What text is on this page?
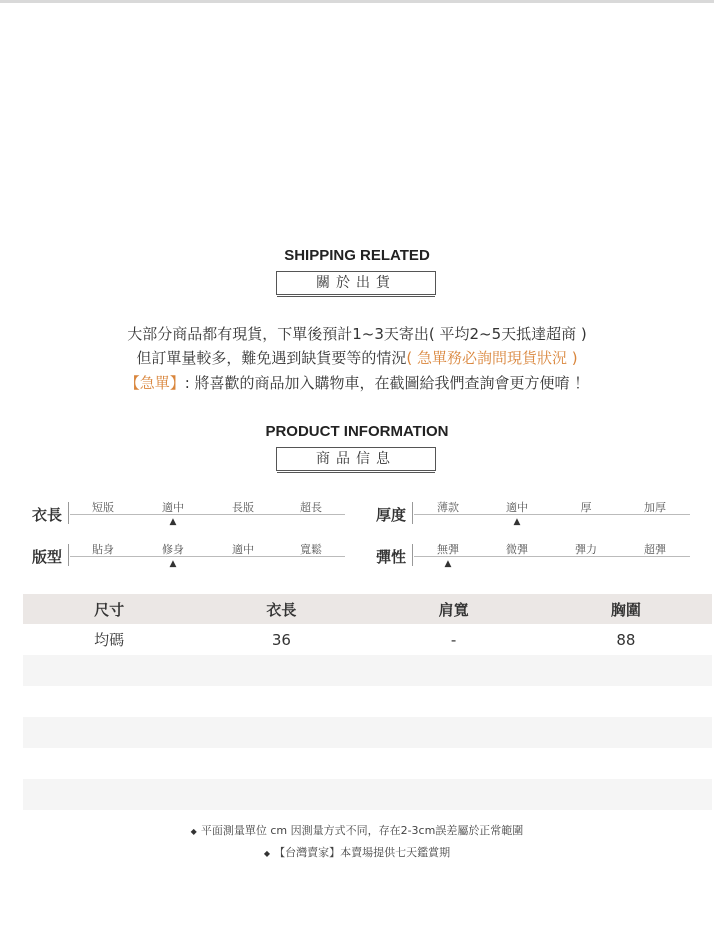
SHIPPING RELATED
關於出貨
大部分商品都有現貨，下單後預計1~3天寄出( 平均2~5天抵達超商 )
但訂單量較多，難免遇到缺貨要等的情況( 急單務必詢問現貨狀況 )
【急單】: 將喜歡的商品加入購物車，在截圖給我們查詢會更方便唷 ！
PRODUCT INFORMATION
商品信息
衣長	短版	適中	長版	超長
▲	厚度	薄款	適中	厚	加厚
▲
版型	貼身	修身	適中	寬鬆
▲	彈性	無彈	微彈	彈力	超彈
▲
尺寸	衣長	肩寬	胸圍
均碼	36	-	88

◆ 平面測量單位 cm 因測量方式不同，存在2-3cm誤差屬於正常範圍
◆ 【台灣賣家】本賣場提供七天鑑賞期
